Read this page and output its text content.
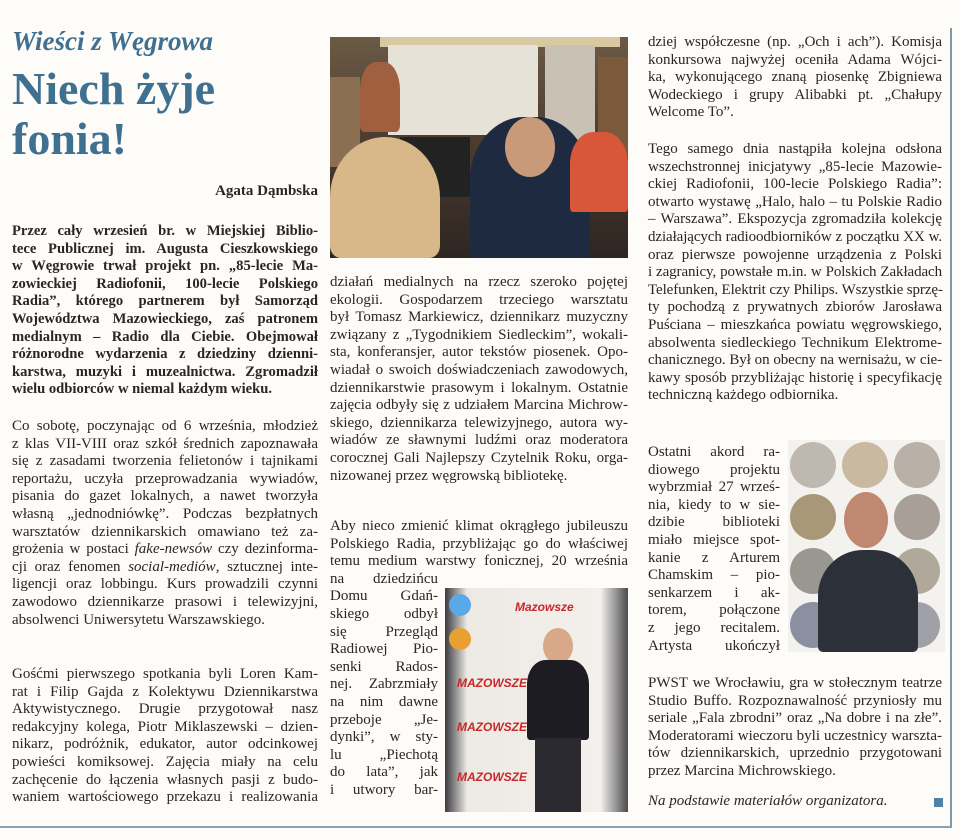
Wieści z Węgrowa
Niech żyje
fonia!
Agata Dąmbska
Przez cały wrzesień br. w Miejskiej Biblio-
tece Publicznej im. Augusta Cieszkowskiego
w Węgrowie trwał projekt pn. „85-lecie Ma-
zowieckiej Radiofonii, 100-lecie Polskiego
Radia”, którego partnerem był Samorząd
Województwa Mazowieckiego, zaś patronem
medialnym – Radio dla Ciebie. Obejmował
różnorodne wydarzenia z dziedziny dzienni-
karstwa, muzyki i muzealnictwa. Zgromadził
wielu odbiorców w niemal każdym wieku.
Co sobotę, poczynając od 6 września, młodzież
z klas VII-VIII oraz szkół średnich zapoznawała
się z zasadami tworzenia felietonów i tajnikami
reportażu, uczyła przeprowadzania wywiadów,
pisania do gazet lokalnych, a nawet tworzyła
własną „jednodniówkę”. Podczas bezpłatnych
warsztatów dziennikarskich omawiano też za-
grożenia w postaci fake-newsów czy dezinforma-
cji oraz fenomen social-mediów, sztucznej inte-
ligencji oraz lobbingu. Kurs prowadzili czynni
zawodowo dziennikarze prasowi i telewizyjni,
absolwenci Uniwersytetu Warszawskiego.
Gośćmi pierwszego spotkania byli Loren Kam-
rat i Filip Gajda z Kolektywu Dziennikarstwa
Aktywistycznego. Drugie przygotował nasz
redakcyjny kolega, Piotr Miklaszewski – dzien-
nikarz, podróżnik, edukator, autor odcinkowej
powieści komiksowej. Zajęcia miały na celu
zachęcenie do łączenia własnych pasji z budo-
waniem wartościowego przekazu i realizowania
działań medialnych na rzecz szeroko pojętej
ekologii. Gospodarzem trzeciego warsztatu
był Tomasz Markiewicz, dziennikarz muzyczny
związany z „Tygodnikiem Siedleckim”, wokali-
sta, konferansjer, autor tekstów piosenek. Opo-
wiadał o swoich doświadczeniach zawodowych,
dziennikarstwie prasowym i lokalnym. Ostatnie
zajęcia odbyły się z udziałem Marcina Michrow-
skiego, dziennikarza telewizyjnego, autora wy-
wiadów ze sławnymi ludźmi oraz moderatora
corocznej Gali Najlepszy Czytelnik Roku, orga-
nizowanej przez węgrowską bibliotekę.
Aby nieco zmienić klimat okrągłego jubileuszu
Polskiego Radia, przybliżając go do właściwej
temu medium warstwy fonicznej, 20 września
na dziedzińcu
Domu Gdań-
skiego odbył
się Przegląd
Radiowej Pio-
senki Rados-
nej. Zabrzmiały
na nim dawne
przeboje „Je-
dynki”, w sty-
lu „Piechotą
do lata”, jak
i utwory bar-
Mazowsze
MAZOWSZE
MAZOWSZE
MAZOWSZE
dziej współczesne (np. „Och i ach”). Komisja
konkursowa najwyżej oceniła Adama Wójci-
ka, wykonującego znaną piosenkę Zbigniewa
Wodeckiego i grupy Alibabki pt. „Chałupy
Welcome To”.
Tego samego dnia nastąpiła kolejna odsłona
wszechstronnej inicjatywy „85-lecie Mazowie-
ckiej Radiofonii, 100-lecie Polskiego Radia”:
otwarto wystawę „Halo, halo – tu Polskie Radio
– Warszawa”. Ekspozycja zgromadziła kolekcję
działających radioodbiorników z początku XX w.
oraz pierwsze powojenne urządzenia z Polski
i zagranicy, powstałe m.in. w Polskich Zakładach
Telefunken, Elektrit czy Philips. Wszystkie sprzę-
ty pochodzą z prywatnych zbiorów Jarosława
Puściana – mieszkańca powiatu węgrowskiego,
absolwenta siedleckiego Technikum Elektrome-
chanicznego. Był on obecny na wernisażu, w cie-
kawy sposób przybliżając historię i specyfikację
techniczną każdego odbiornika.
Ostatni akord ra-
diowego projektu
wybrzmiał 27 wrześ-
nia, kiedy to w sie-
dzibie biblioteki
miało miejsce spot-
kanie z Arturem
Chamskim – pio-
senkarzem i ak-
torem, połączone
z jego recitalem.
Artysta ukończył
PWST we Wrocławiu, gra w stołecznym teatrze
Studio Buffo. Rozpoznawalność przyniosły mu
seriale „Fala zbrodni” oraz „Na dobre i na złe”.
Moderatorami wieczoru byli uczestnicy warszta-
tów dziennikarskich, uprzednio przygotowani
przez Marcina Michrowskiego.
Na podstawie materiałów organizatora.
